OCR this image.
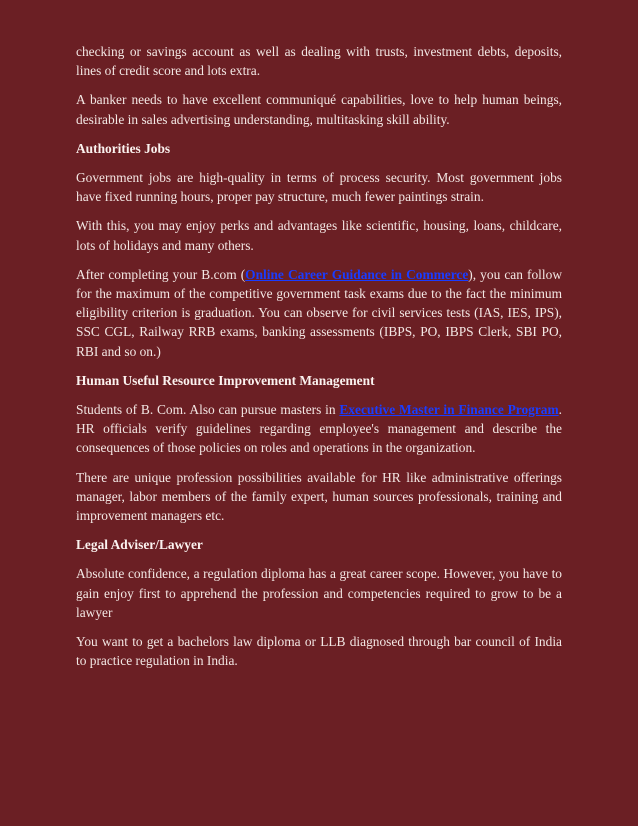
checking or savings account as well as dealing with trusts, investment debts, deposits, lines of credit score and lots extra.

A banker needs to have excellent communiqué capabilities, love to help human beings, desirable in sales advertising understanding, multitasking skill ability.

Authorities Jobs

Government jobs are high-quality in terms of process security. Most government jobs have fixed running hours, proper pay structure, much fewer paintings strain.

With this, you may enjoy perks and advantages like scientific, housing, loans, childcare, lots of holidays and many others.

After completing your B.com (Online Career Guidance in Commerce), you can follow for the maximum of the competitive government task exams due to the fact the minimum eligibility criterion is graduation. You can observe for civil services tests (IAS, IES, IPS), SSC CGL, Railway RRB exams, banking assessments (IBPS, PO, IBPS Clerk, SBI PO, RBI and so on.)

Human Useful Resource Improvement Management

Students of B. Com. Also can pursue masters in Executive Master in Finance Program. HR officials verify guidelines regarding employee's management and describe the consequences of those policies on roles and operations in the organization.

There are unique profession possibilities available for HR like administrative offerings manager, labor members of the family expert, human sources professionals, training and improvement managers etc.

Legal Adviser/Lawyer

Absolute confidence, a regulation diploma has a great career scope. However, you have to gain enjoy first to apprehend the profession and competencies required to grow to be a lawyer

You want to get a bachelors law diploma or LLB diagnosed through bar council of India to practice regulation in India.
